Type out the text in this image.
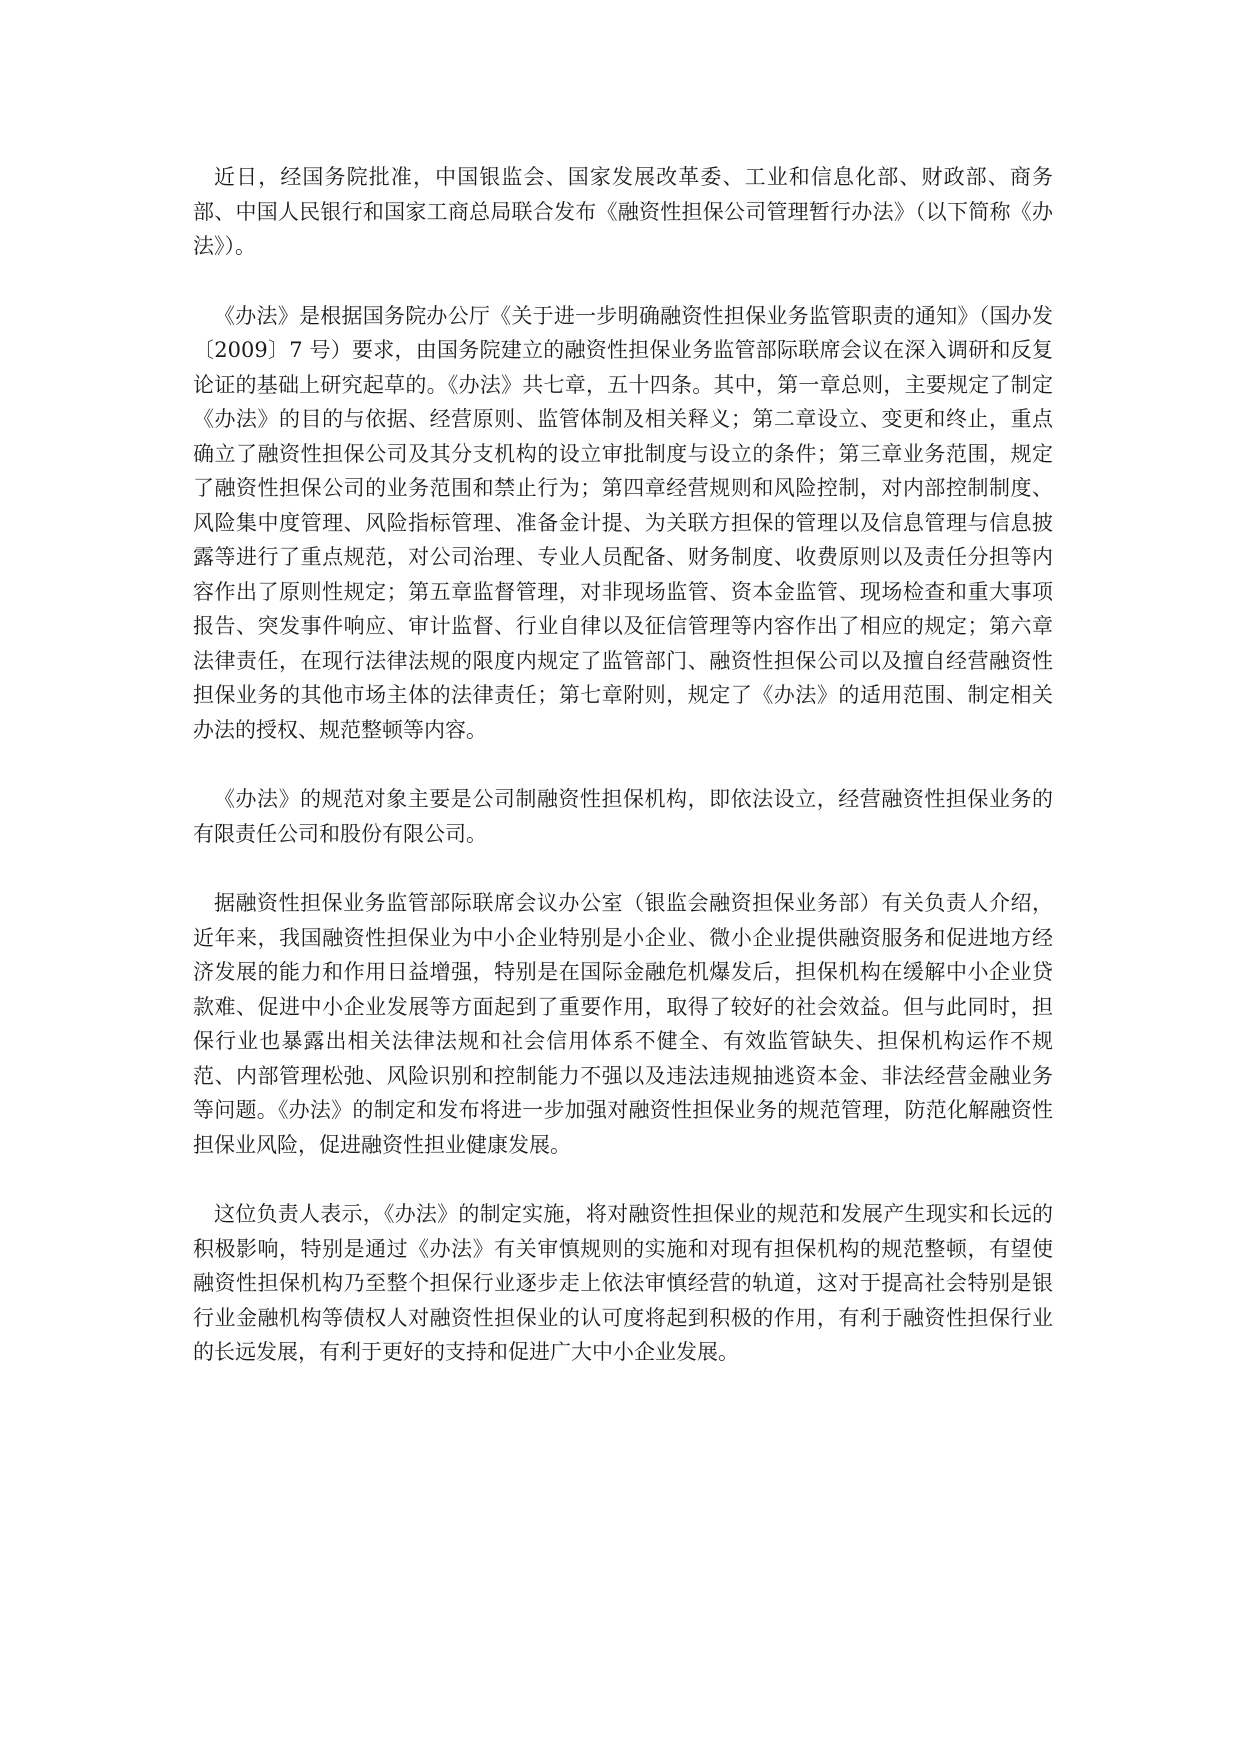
近日，经国务院批准，中国银监会、国家发展改革委、工业和信息化部、财政部、商务部、中国人民银行和国家工商总局联合发布《融资性担保公司管理暂行办法》（以下简称《办法》）。

《办法》是根据国务院办公厅《关于进一步明确融资性担保业务监管职责的通知》（国办发〔2009〕7 号）要求，由国务院建立的融资性担保业务监管部际联席会议在深入调研和反复论证的基础上研究起草的。《办法》共七章，五十四条。其中，第一章总则，主要规定了制定《办法》的目的与依据、经营原则、监管体制及相关释义；第二章设立、变更和终止，重点确立了融资性担保公司及其分支机构的设立审批制度与设立的条件；第三章业务范围，规定了融资性担保公司的业务范围和禁止行为；第四章经营规则和风险控制，对内部控制制度、风险集中度管理、风险指标管理、准备金计提、为关联方担保的管理以及信息管理与信息披露等进行了重点规范，对公司治理、专业人员配备、财务制度、收费原则以及责任分担等内容作出了原则性规定；第五章监督管理，对非现场监管、资本金监管、现场检查和重大事项报告、突发事件响应、审计监督、行业自律以及征信管理等内容作出了相应的规定；第六章法律责任，在现行法律法规的限度内规定了监管部门、融资性担保公司以及擅自经营融资性担保业务的其他市场主体的法律责任；第七章附则，规定了《办法》的适用范围、制定相关办法的授权、规范整顿等内容。

《办法》的规范对象主要是公司制融资性担保机构，即依法设立，经营融资性担保业务的有限责任公司和股份有限公司。

据融资性担保业务监管部际联席会议办公室（银监会融资担保业务部）有关负责人介绍，近年来，我国融资性担保业为中小企业特别是小企业、微小企业提供融资服务和促进地方经济发展的能力和作用日益增强，特别是在国际金融危机爆发后，担保机构在缓解中小企业贷款难、促进中小企业发展等方面起到了重要作用，取得了较好的社会效益。但与此同时，担保行业也暴露出相关法律法规和社会信用体系不健全、有效监管缺失、担保机构运作不规范、内部管理松弛、风险识别和控制能力不强以及违法违规抽逃资本金、非法经营金融业务等问题。《办法》的制定和发布将进一步加强对融资性担保业务的规范管理，防范化解融资性担保业风险，促进融资性担业健康发展。

这位负责人表示，《办法》的制定实施，将对融资性担保业的规范和发展产生现实和长远的积极影响，特别是通过《办法》有关审慎规则的实施和对现有担保机构的规范整顿，有望使融资性担保机构乃至整个担保行业逐步走上依法审慎经营的轨道，这对于提高社会特别是银行业金融机构等债权人对融资性担保业的认可度将起到积极的作用，有利于融资性担保行业的长远发展，有利于更好的支持和促进广大中小企业发展。
